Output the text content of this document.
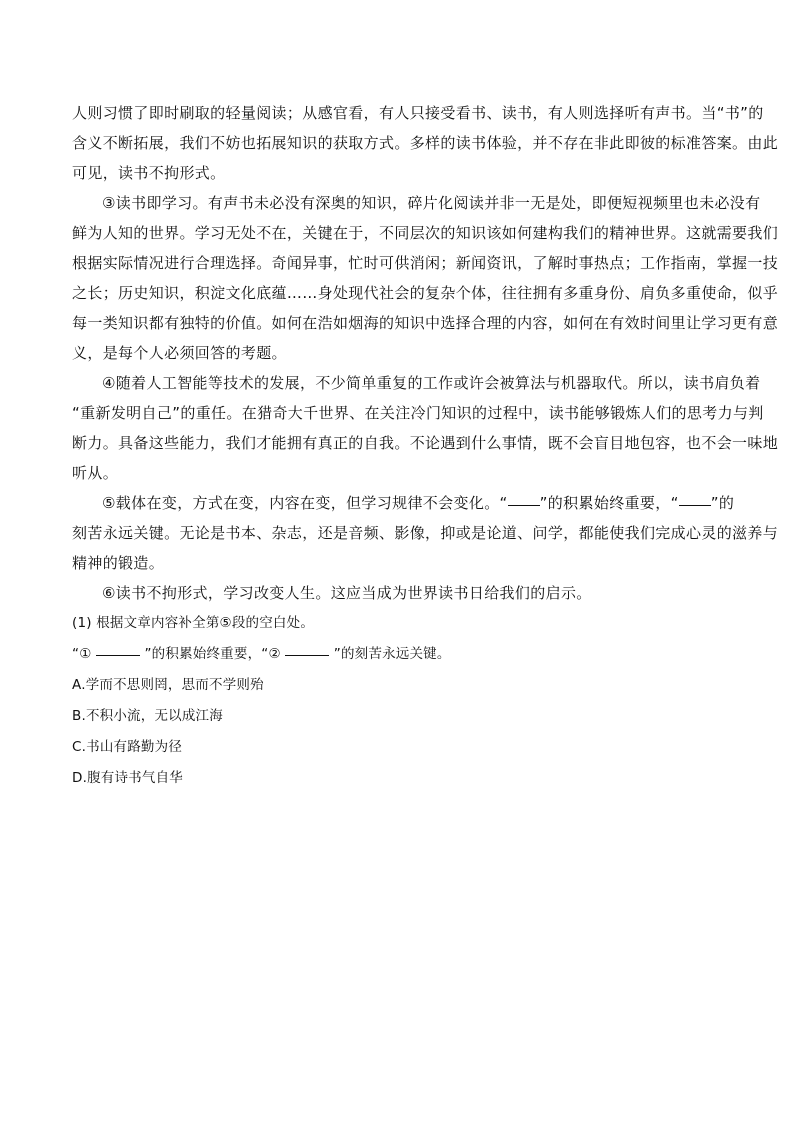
人则习惯了即时刷取的轻量阅读；从感官看，有人只接受看书、读书，有人则选择听有声书。当“书”的
含义不断拓展，我们不妨也拓展知识的获取方式。多样的读书体验，并不存在非此即彼的标准答案。由此
可见，读书不拘形式。

③读书即学习。有声书未必没有深奥的知识，碎片化阅读并非一无是处，即便短视频里也未必没有
鲜为人知的世界。学习无处不在，关键在于，不同层次的知识该如何建构我们的精神世界。这就需要我们
根据实际情况进行合理选择。奇闻异事，忙时可供消闲；新闻资讯，了解时事热点；工作指南，掌握一技
之长；历史知识，积淀文化底蕴……身处现代社会的复杂个体，往往拥有多重身份、肩负多重使命，似乎
每一类知识都有独特的价值。如何在浩如烟海的知识中选择合理的内容，如何在有效时间里让学习更有意
义，是每个人必须回答的考题。

④随着人工智能等技术的发展，不少简单重复的工作或许会被算法与机器取代。所以，读书肩负着
“重新发明自己”的重任。在猎奇大千世界、在关注冷门知识的过程中，读书能够锻炼人们的思考力与判
断力。具备这些能力，我们才能拥有真正的自我。不论遇到什么事情，既不会盲目地包容，也不会一味地
听从。

⑤载体在变，方式在变，内容在变，但学习规律不会变化。“ ”的积累始终重要，“ ”的
刻苦永远关键。无论是书本、杂志，还是音频、影像，抑或是论道、问学，都能使我们完成心灵的滋养与
精神的锻造。

⑥读书不拘形式，学习改变人生。这应当成为世界读书日给我们的启示。

(1) 根据文章内容补全第⑤段的空白处。
“①	”的积累始终重要，“②	”的刻苦永远关键。
A.学而不思则罔，思而不学则殆
B.不积小流，无以成江海
C.书山有路勤为径
D.腹有诗书气自华
